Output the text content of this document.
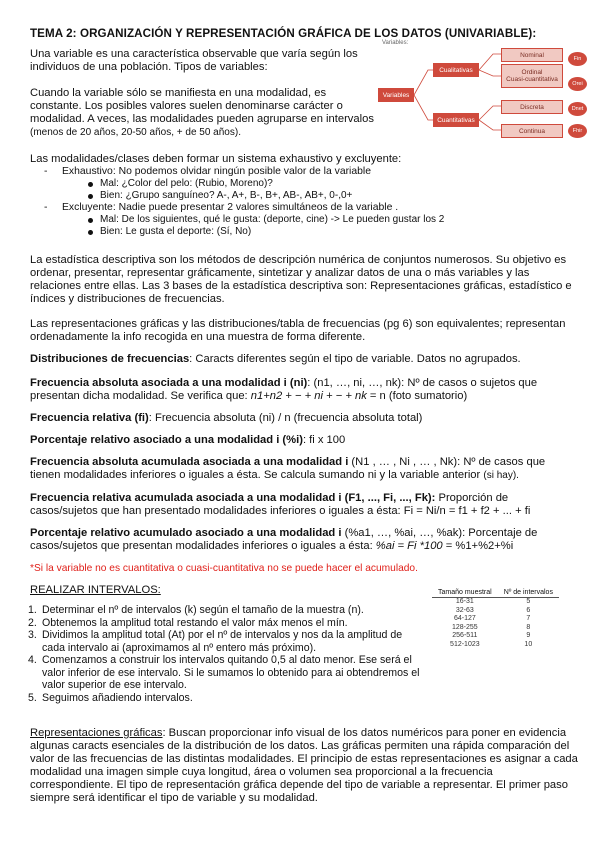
TEMA 2: ORGANIZACIÓN Y REPRESENTACIÓN GRÁFICA DE LOS DATOS (UNIVARIABLE):
Una variable es una característica observable que varía según los individuos de una población. Tipos de variables:
Cuando la variable sólo se manifiesta en una modalidad, es constante. Los posibles valores suelen denominarse carácter o modalidad. A veces, las modalidades pueden agruparse en intervalos (menos de 20 años, 20-50 años, + de 50 años).
Variables:
Variables
Cualitativas
Cuantitativas
Nominal
Ordinal
Cuasi-cuantitativa
Discreta
Continua
Fin
Orei
Dnet
Fhir
Las modalidades/clases deben formar un sistema exhaustivo y excluyente:
- Exhaustivo: No podemos olvidar ningún posible valor de la variable
Mal: ¿Color del pelo: (Rubio, Moreno)?
Bien: ¿Grupo sanguíneo? A-, A+, B-, B+, AB-, AB+, 0-,0+
- Excluyente: Nadie puede presentar 2 valores simultáneos de la variable .
Mal: De los siguientes, qué le gusta: (deporte, cine) -> Le pueden gustar los 2
Bien: Le gusta el deporte: (Sí, No)
La estadística descriptiva son los métodos de descripción numérica de conjuntos numerosos. Su objetivo es ordenar, presentar, representar gráficamente, sintetizar y analizar datos de una o más variables y las relaciones entre ellas. Las 3 bases de la estadística descriptiva son: Representaciones gráficas, estadístico e índices y distribuciones de frecuencias.
Las representaciones gráficas y las distribuciones/tabla de frecuencias (pg 6) son equivalentes; representan ordenadamente la info recogida en una muestra de forma diferente.
Distribuciones de frecuencias: Caracts diferentes según el tipo de variable. Datos no agrupados.
Frecuencia absoluta asociada a una modalidad i (ni): (n1, …, ni, …, nk): Nº de casos o sujetos que presentan dicha modalidad. Se verifica que: n1+n2 + − + ni + − + nk = n (foto sumatorio)
Frecuencia relativa (fi): Frecuencia absoluta (ni) / n (frecuencia absoluta total)
Porcentaje relativo asociado a una modalidad i (%i): fi x 100
Frecuencia absoluta acumulada asociada a una modalidad i (N1 , … , Ni , … , Nk): Nº de casos que tienen modalidades inferiores o iguales a ésta. Se calcula sumando ni y la variable anterior (si hay).
Frecuencia relativa acumulada asociada a una modalidad i (F1, ..., Fi, ..., Fk): Proporción de casos/sujetos que han presentado modalidades inferiores o iguales a ésta: Fi = Ni/n = f1 + f2 + ... + fi
Porcentaje relativo acumulado asociado a una modalidad i (%a1, …, %ai, …, %ak): Porcentaje de casos/sujetos que presentan modalidades inferiores o iguales a ésta: %ai = Fi *100 = %1+%2+%i
*Si la variable no es cuantitativa o cuasi-cuantitativa no se puede hacer el acumulado.
REALIZAR INTERVALOS:
1. Determinar el nº de intervalos (k) según el tamaño de la muestra (n).
2. Obtenemos la amplitud total restando el valor máx menos el mín.
3. Dividimos la amplitud total (At) por el nº de intervalos y nos da la amplitud de cada intervalo ai (aproximamos al nº entero más próximo).
4. Comenzamos a construir los intervalos quitando 0,5 al dato menor. Ese será el valor inferior de ese intervalo. Si le sumamos lo obtenido para ai obtendremos el valor superior de ese intervalo.
5. Seguimos añadiendo intervalos.
Tamaño muestral	Nº de intervalos
16-31	5
32-63	6
64-127	7
128-255	8
256-511	9
512-1023	10
Representaciones gráficas: Buscan proporcionar info visual de los datos numéricos para poner en evidencia algunas caracts esenciales de la distribución de los datos. Las gráficas permiten una rápida comparación del valor de las frecuencias de las distintas modalidades. El principio de estas representaciones es asignar a cada modalidad una imagen simple cuya longitud, área o volumen sea proporcional a la frecuencia correspondiente. El tipo de representación gráfica depende del tipo de variable a representar. El primer paso siempre será identificar el tipo de variable y su modalidad.
